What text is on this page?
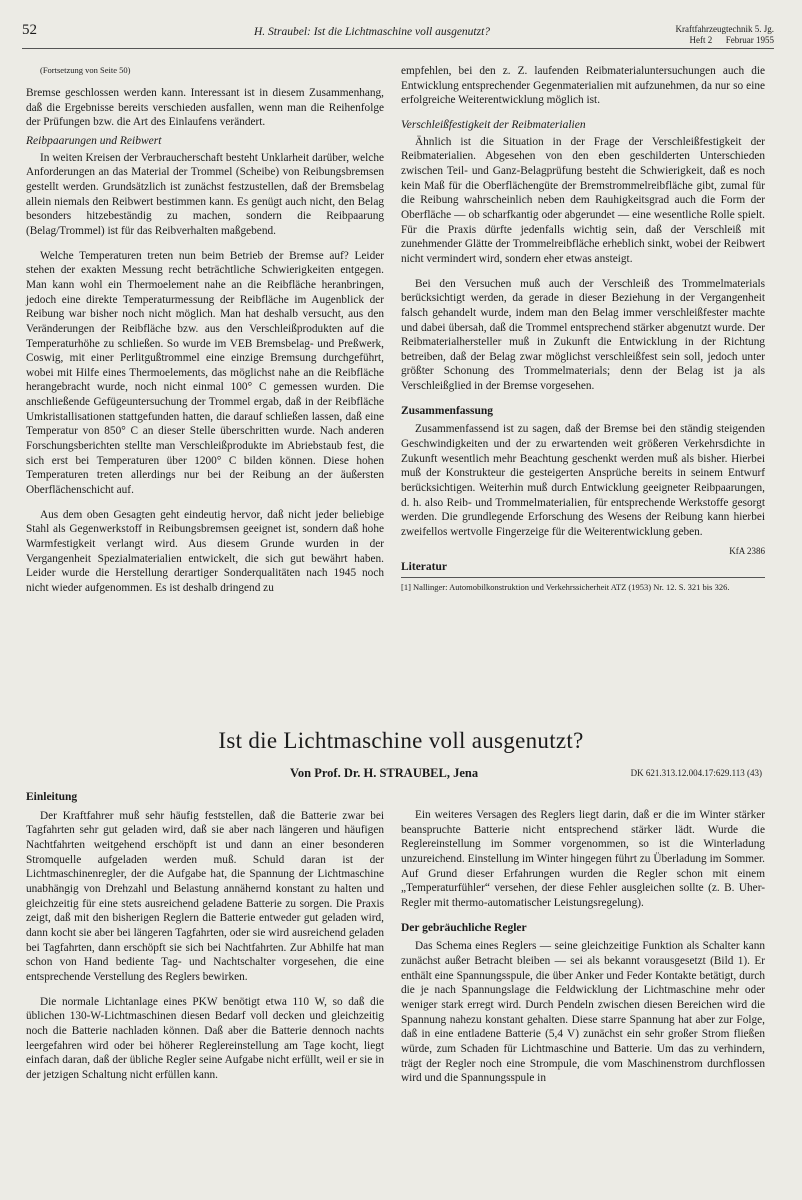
52	H. Straubel: Ist die Lichtmaschine voll ausgenutzt?	Kraftfahrzeugtechnik 5. Jg.
Heft 2      Februar 1955

(Fortsetzung von Seite 50)

Bremse geschlossen werden kann. Interessant ist in diesem Zusammenhang, daß die Ergebnisse bereits verschieden ausfallen, wenn man die Reihenfolge der Prüfungen bzw. die Art des Einlaufens verändert.

Reibpaarungen und Reibwert

In weiten Kreisen der Verbraucherschaft besteht Unklarheit darüber, welche Anforderungen an das Material der Trommel (Scheibe) von Reibungsbremsen gestellt werden. Grundsätzlich ist zunächst festzustellen, daß der Bremsbelag allein niemals den Reibwert bestimmen kann. Es genügt auch nicht, den Belag besonders hitzebeständig zu machen, sondern die Reibpaarung (Belag/Trommel) ist für das Reibverhalten maßgebend.

Welche Temperaturen treten nun beim Betrieb der Bremse auf? Leider stehen der exakten Messung recht beträchtliche Schwierigkeiten entgegen. Man kann wohl ein Thermoelement nahe an die Reibfläche heranbringen, jedoch eine direkte Temperaturmessung der Reibfläche im Augenblick der Reibung war bisher noch nicht möglich. Man hat deshalb versucht, aus den Veränderungen der Reibfläche bzw. aus den Verschleißprodukten auf die Temperaturhöhe zu schließen. So wurde im VEB Bremsbelag- und Preßwerk, Coswig, mit einer Perlitgußtrommel eine einzige Bremsung durchgeführt, wobei mit Hilfe eines Thermoelements, das möglichst nahe an die Reibfläche herangebracht wurde, noch nicht einmal 100° C gemessen wurden. Die anschließende Gefügeuntersuchung der Trommel ergab, daß in der Reibfläche Umkristallisationen stattgefunden hatten, die darauf schließen lassen, daß eine Temperatur von 850° C an dieser Stelle überschritten wurde. Nach anderen Forschungsberichten stellte man Verschleißprodukte im Abriebstaub fest, die sich erst bei Temperaturen über 1200° C bilden können. Diese hohen Temperaturen treten allerdings nur bei der Reibung an der äußersten Oberflächenschicht auf.

Aus dem oben Gesagten geht eindeutig hervor, daß nicht jeder beliebige Stahl als Gegenwerkstoff in Reibungsbremsen geeignet ist, sondern daß hohe Warmfestigkeit verlangt wird. Aus diesem Grunde wurden in der Vergangenheit Spezialmaterialien entwickelt, die sich gut bewährt haben. Leider wurde die Herstellung derartiger Sonderqualitäten nach 1945 noch nicht wieder aufgenommen. Es ist deshalb dringend zu

empfehlen, bei den z. Z. laufenden Reibmaterialuntersuchungen auch die Entwicklung entsprechender Gegenmaterialien mit aufzunehmen, da nur so eine erfolgreiche Weiterentwicklung möglich ist.

Verschleißfestigkeit der Reibmaterialien

Ähnlich ist die Situation in der Frage der Verschleißfestigkeit der Reibmaterialien. Abgesehen von den eben geschilderten Unterschieden zwischen Teil- und Ganz-Belagprüfung besteht die Schwierigkeit, daß es noch kein Maß für die Oberflächengüte der Bremstrommelreibfläche gibt, zumal für die Reibung wahrscheinlich neben dem Rauhigkeitsgrad auch die Form der Oberfläche — ob scharfkantig oder abgerundet — eine wesentliche Rolle spielt. Für die Praxis dürfte jedenfalls wichtig sein, daß der Verschleiß mit zunehmender Glätte der Trommelreibfläche erheblich sinkt, wobei der Reibwert nicht vermindert wird, sondern eher etwas ansteigt.

Bei den Versuchen muß auch der Verschleiß des Trommelmaterials berücksichtigt werden, da gerade in dieser Beziehung in der Vergangenheit falsch gehandelt wurde, indem man den Belag immer verschleißfester machte und dabei übersah, daß die Trommel entsprechend stärker abgenutzt wurde. Der Reibmaterialhersteller muß in Zukunft die Entwicklung in der Richtung betreiben, daß der Belag zwar möglichst verschleißfest sein soll, jedoch unter größter Schonung des Trommelmaterials; denn der Belag ist ja als Verschleißglied in der Bremse vorgesehen.

Zusammenfassung

Zusammenfassend ist zu sagen, daß der Bremse bei den ständig steigenden Geschwindigkeiten und der zu erwartenden weit größeren Verkehrsdichte in Zukunft wesentlich mehr Beachtung geschenkt werden muß als bisher. Hierbei muß der Konstrukteur die gesteigerten Ansprüche bereits in seinem Entwurf berücksichtigen. Weiterhin muß durch Entwicklung geeigneter Reibpaarungen, d. h. also Reib- und Trommelmaterialien, für entsprechende Werkstoffe gesorgt werden. Die grundlegende Erforschung des Wesens der Reibung kann hierbei zweifellos wertvolle Fingerzeige für die Weiterentwicklung geben.

KfA 2386
Literatur
[1] Nallinger: Automobilkonstruktion und Verkehrssicherheit ATZ (1953) Nr. 12. S. 321 bis 326.
Ist die Lichtmaschine voll ausgenutzt?
Von Prof. Dr. H. STRAUBEL, Jena	DK 621.313.12.004.17:629.113 (43)
Einleitung

Der Kraftfahrer muß sehr häufig feststellen, daß die Batterie zwar bei Tagfahrten sehr gut geladen wird, daß sie aber nach längeren und häufigen Nachtfahrten weitgehend erschöpft ist und dann an einer besonderen Stromquelle aufgeladen werden muß. Schuld daran ist der Lichtmaschinenregler, der die Aufgabe hat, die Spannung der Lichtmaschine unabhängig von Drehzahl und Belastung annähernd konstant zu halten und gleichzeitig für eine stets ausreichend geladene Batterie zu sorgen. Die Praxis zeigt, daß mit den bisherigen Reglern die Batterie entweder gut geladen wird, dann kocht sie aber bei längeren Tagfahrten, oder sie wird ausreichend geladen bei Tagfahrten, dann erschöpft sie sich bei Nachtfahrten. Zur Abhilfe hat man schon von Hand bediente Tag- und Nachtschalter vorgesehen, die eine entsprechende Verstellung des Reglers bewirken.

Die normale Lichtanlage eines PKW benötigt etwa 110 W, so daß die üblichen 130-W-Lichtmaschinen diesen Bedarf voll decken und gleichzeitig noch die Batterie nachladen können. Daß aber die Batterie dennoch nachts leergefahren wird oder bei höherer Reglereinstellung am Tage kocht, liegt einfach daran, daß der übliche Regler seine Aufgabe nicht erfüllt, weil er sie in der jetzigen Schaltung nicht erfüllen kann.

Ein weiteres Versagen des Reglers liegt darin, daß er die im Winter stärker beanspruchte Batterie nicht entsprechend stärker lädt. Wurde die Reglereinstellung im Sommer vorgenommen, so ist die Winterladung unzureichend. Einstellung im Winter hingegen führt zu Überladung im Sommer. Auf Grund dieser Erfahrungen wurden die Regler schon mit einem „Temperaturfühler“ versehen, der diese Fehler ausgleichen sollte (z. B. Uher-Regler mit thermo-automatischer Leistungsregelung).

Der gebräuchliche Regler

Das Schema eines Reglers — seine gleichzeitige Funktion als Schalter kann zunächst außer Betracht bleiben — sei als bekannt vorausgesetzt (Bild 1). Er enthält eine Spannungsspule, die über Anker und Feder Kontakte betätigt, durch die je nach Spannungslage die Feldwicklung der Lichtmaschine mehr oder weniger stark erregt wird. Durch Pendeln zwischen diesen Bereichen wird die Spannung nahezu konstant gehalten. Diese starre Spannung hat aber zur Folge, daß in eine entladene Batterie (5,4 V) zunächst ein sehr großer Strom fließen würde, zum Schaden für Lichtmaschine und Batterie. Um das zu verhindern, trägt der Regler noch eine Strompule, die vom Maschinenstrom durchflossen wird und die Spannungsspule in
